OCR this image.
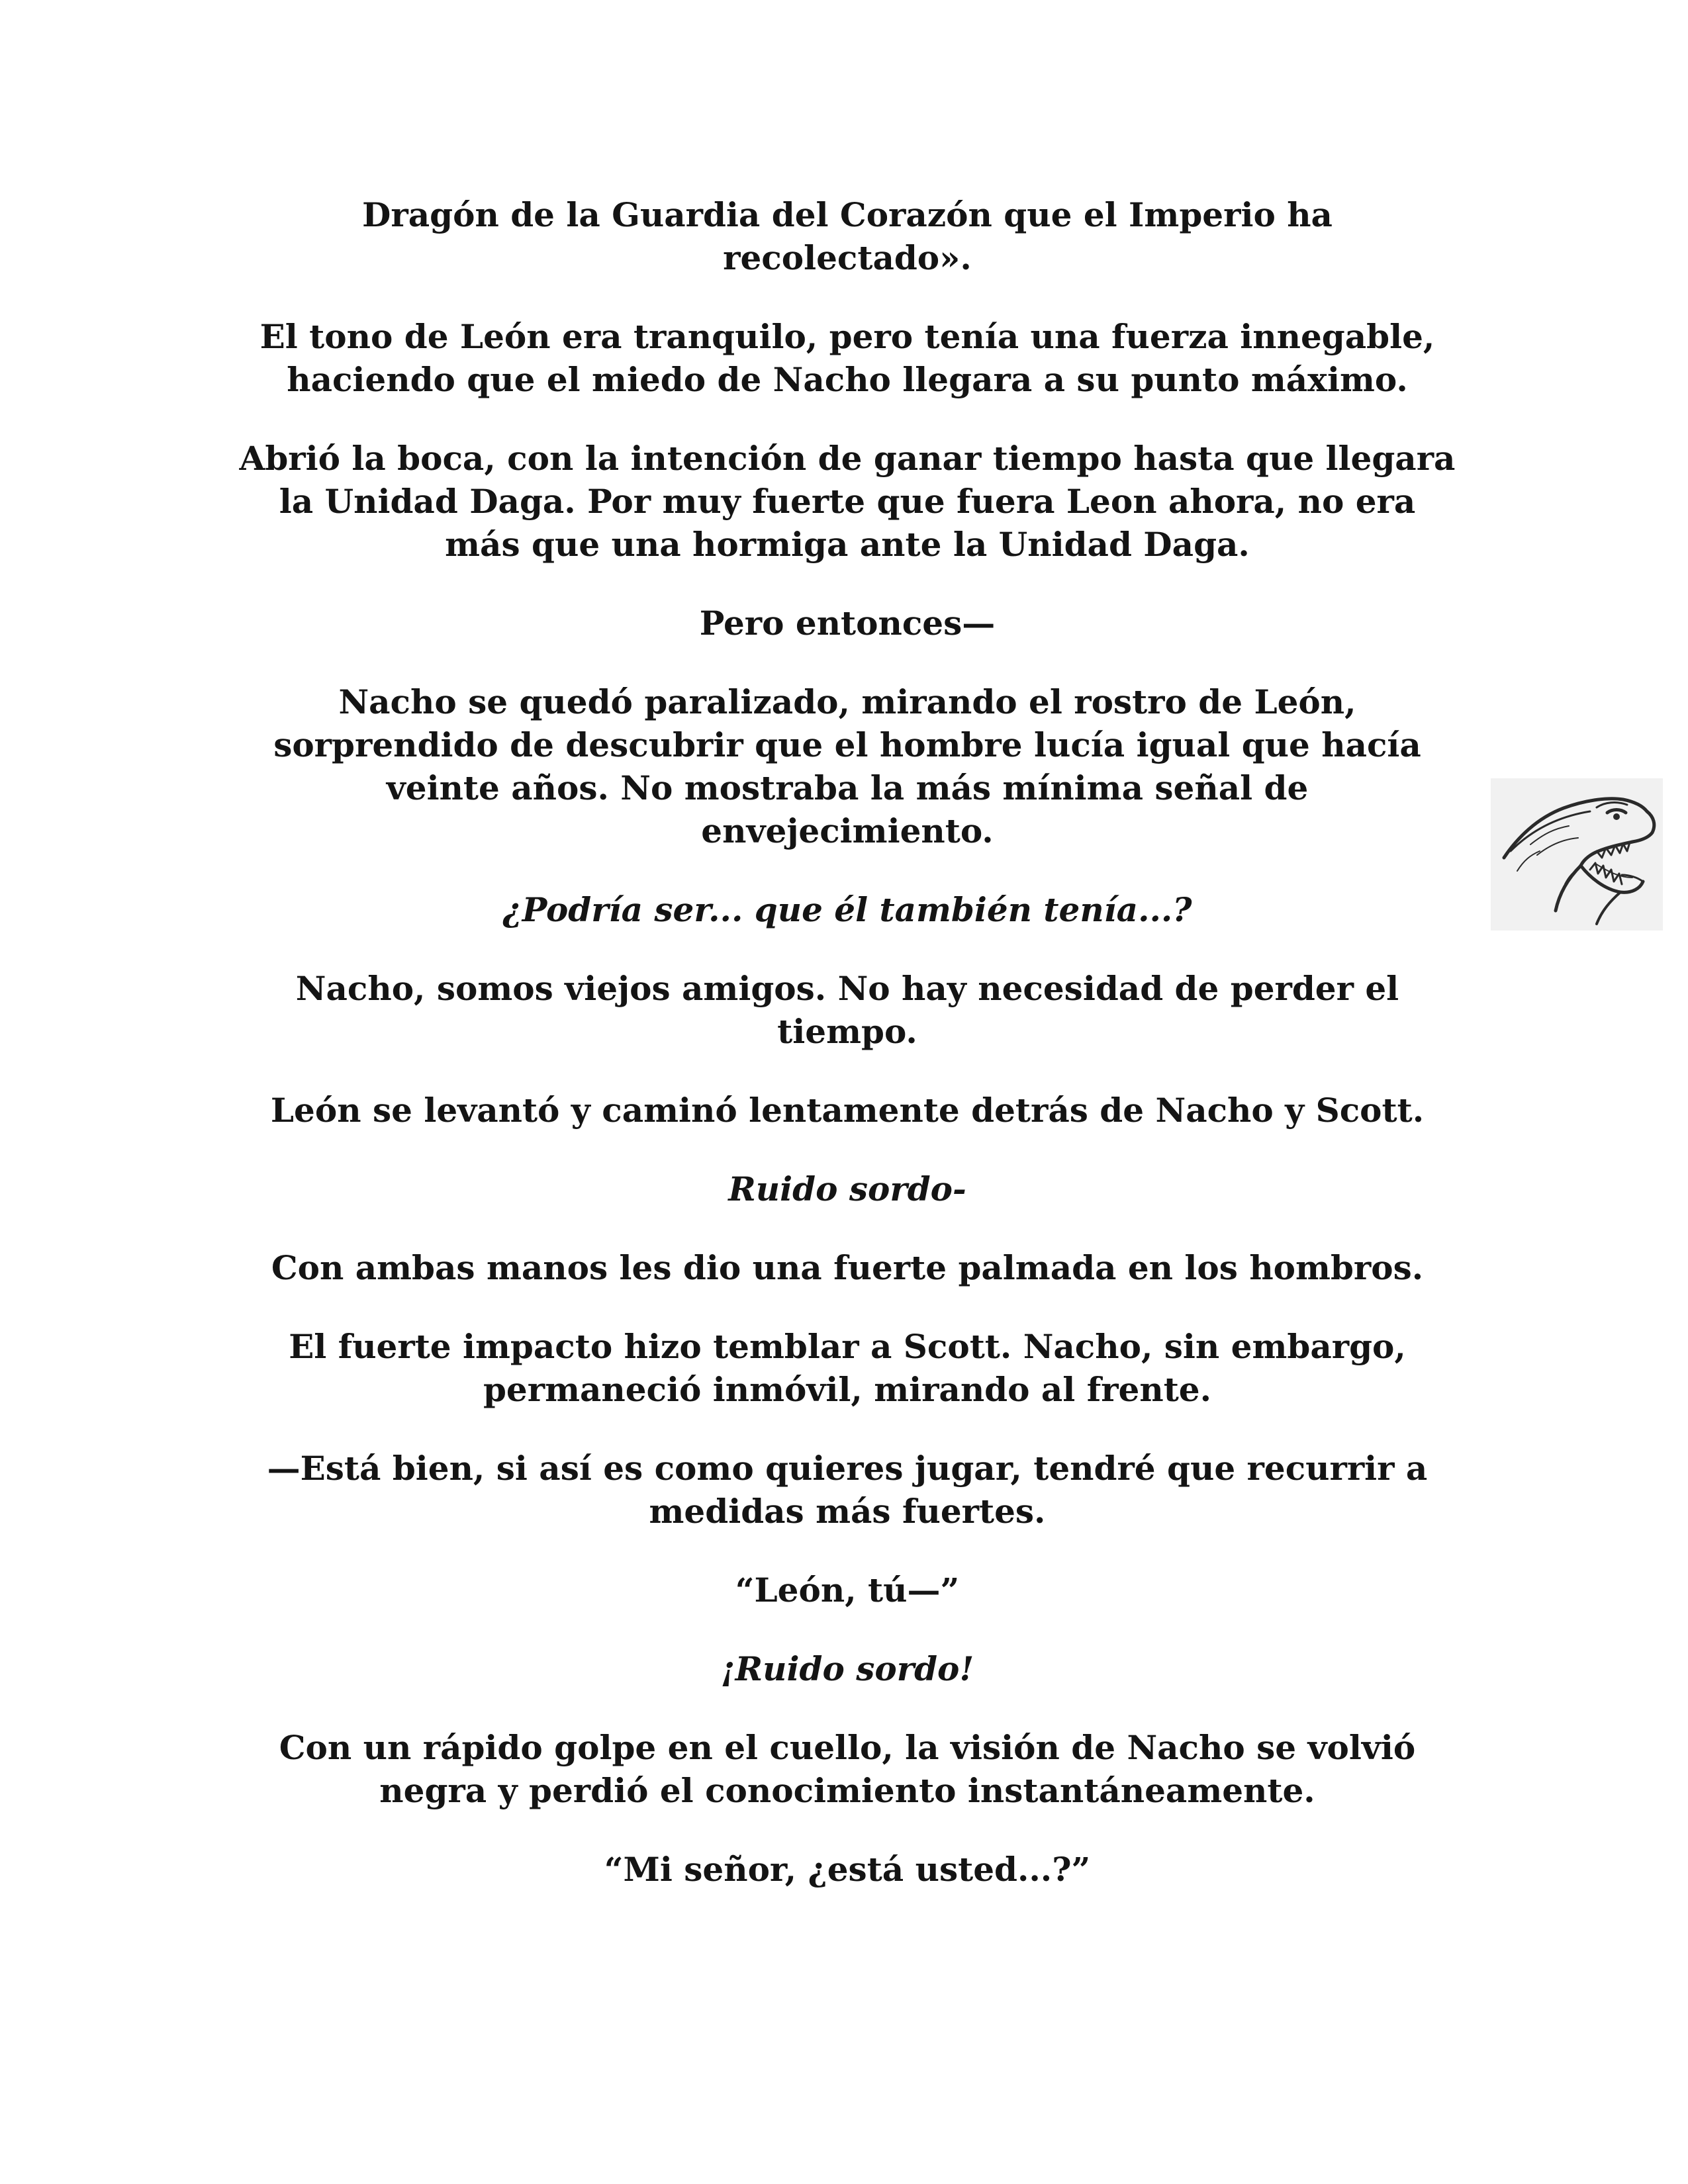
Dragón de la Guardia del Corazón que el Imperio ha recolectado».

El tono de León era tranquilo, pero tenía una fuerza innegable, haciendo que el miedo de Nacho llegara a su punto máximo.

Abrió la boca, con la intención de ganar tiempo hasta que llegara la Unidad Daga. Por muy fuerte que fuera Leon ahora, no era más que una hormiga ante la Unidad Daga.

Pero entonces—

Nacho se quedó paralizado, mirando el rostro de León, sorprendido de descubrir que el hombre lucía igual que hacía veinte años. No mostraba la más mínima señal de envejecimiento.

¿Podría ser... que él también tenía...?

Nacho, somos viejos amigos. No hay necesidad de perder el tiempo.

León se levantó y caminó lentamente detrás de Nacho y Scott.

Ruido sordo-

Con ambas manos les dio una fuerte palmada en los hombros.

El fuerte impacto hizo temblar a Scott. Nacho, sin embargo, permaneció inmóvil, mirando al frente.

—Está bien, si así es como quieres jugar, tendré que recurrir a medidas más fuertes.

“León, tú—”

¡Ruido sordo!

Con un rápido golpe en el cuello, la visión de Nacho se volvió negra y perdió el conocimiento instantáneamente.

“Mi señor, ¿está usted...?”
